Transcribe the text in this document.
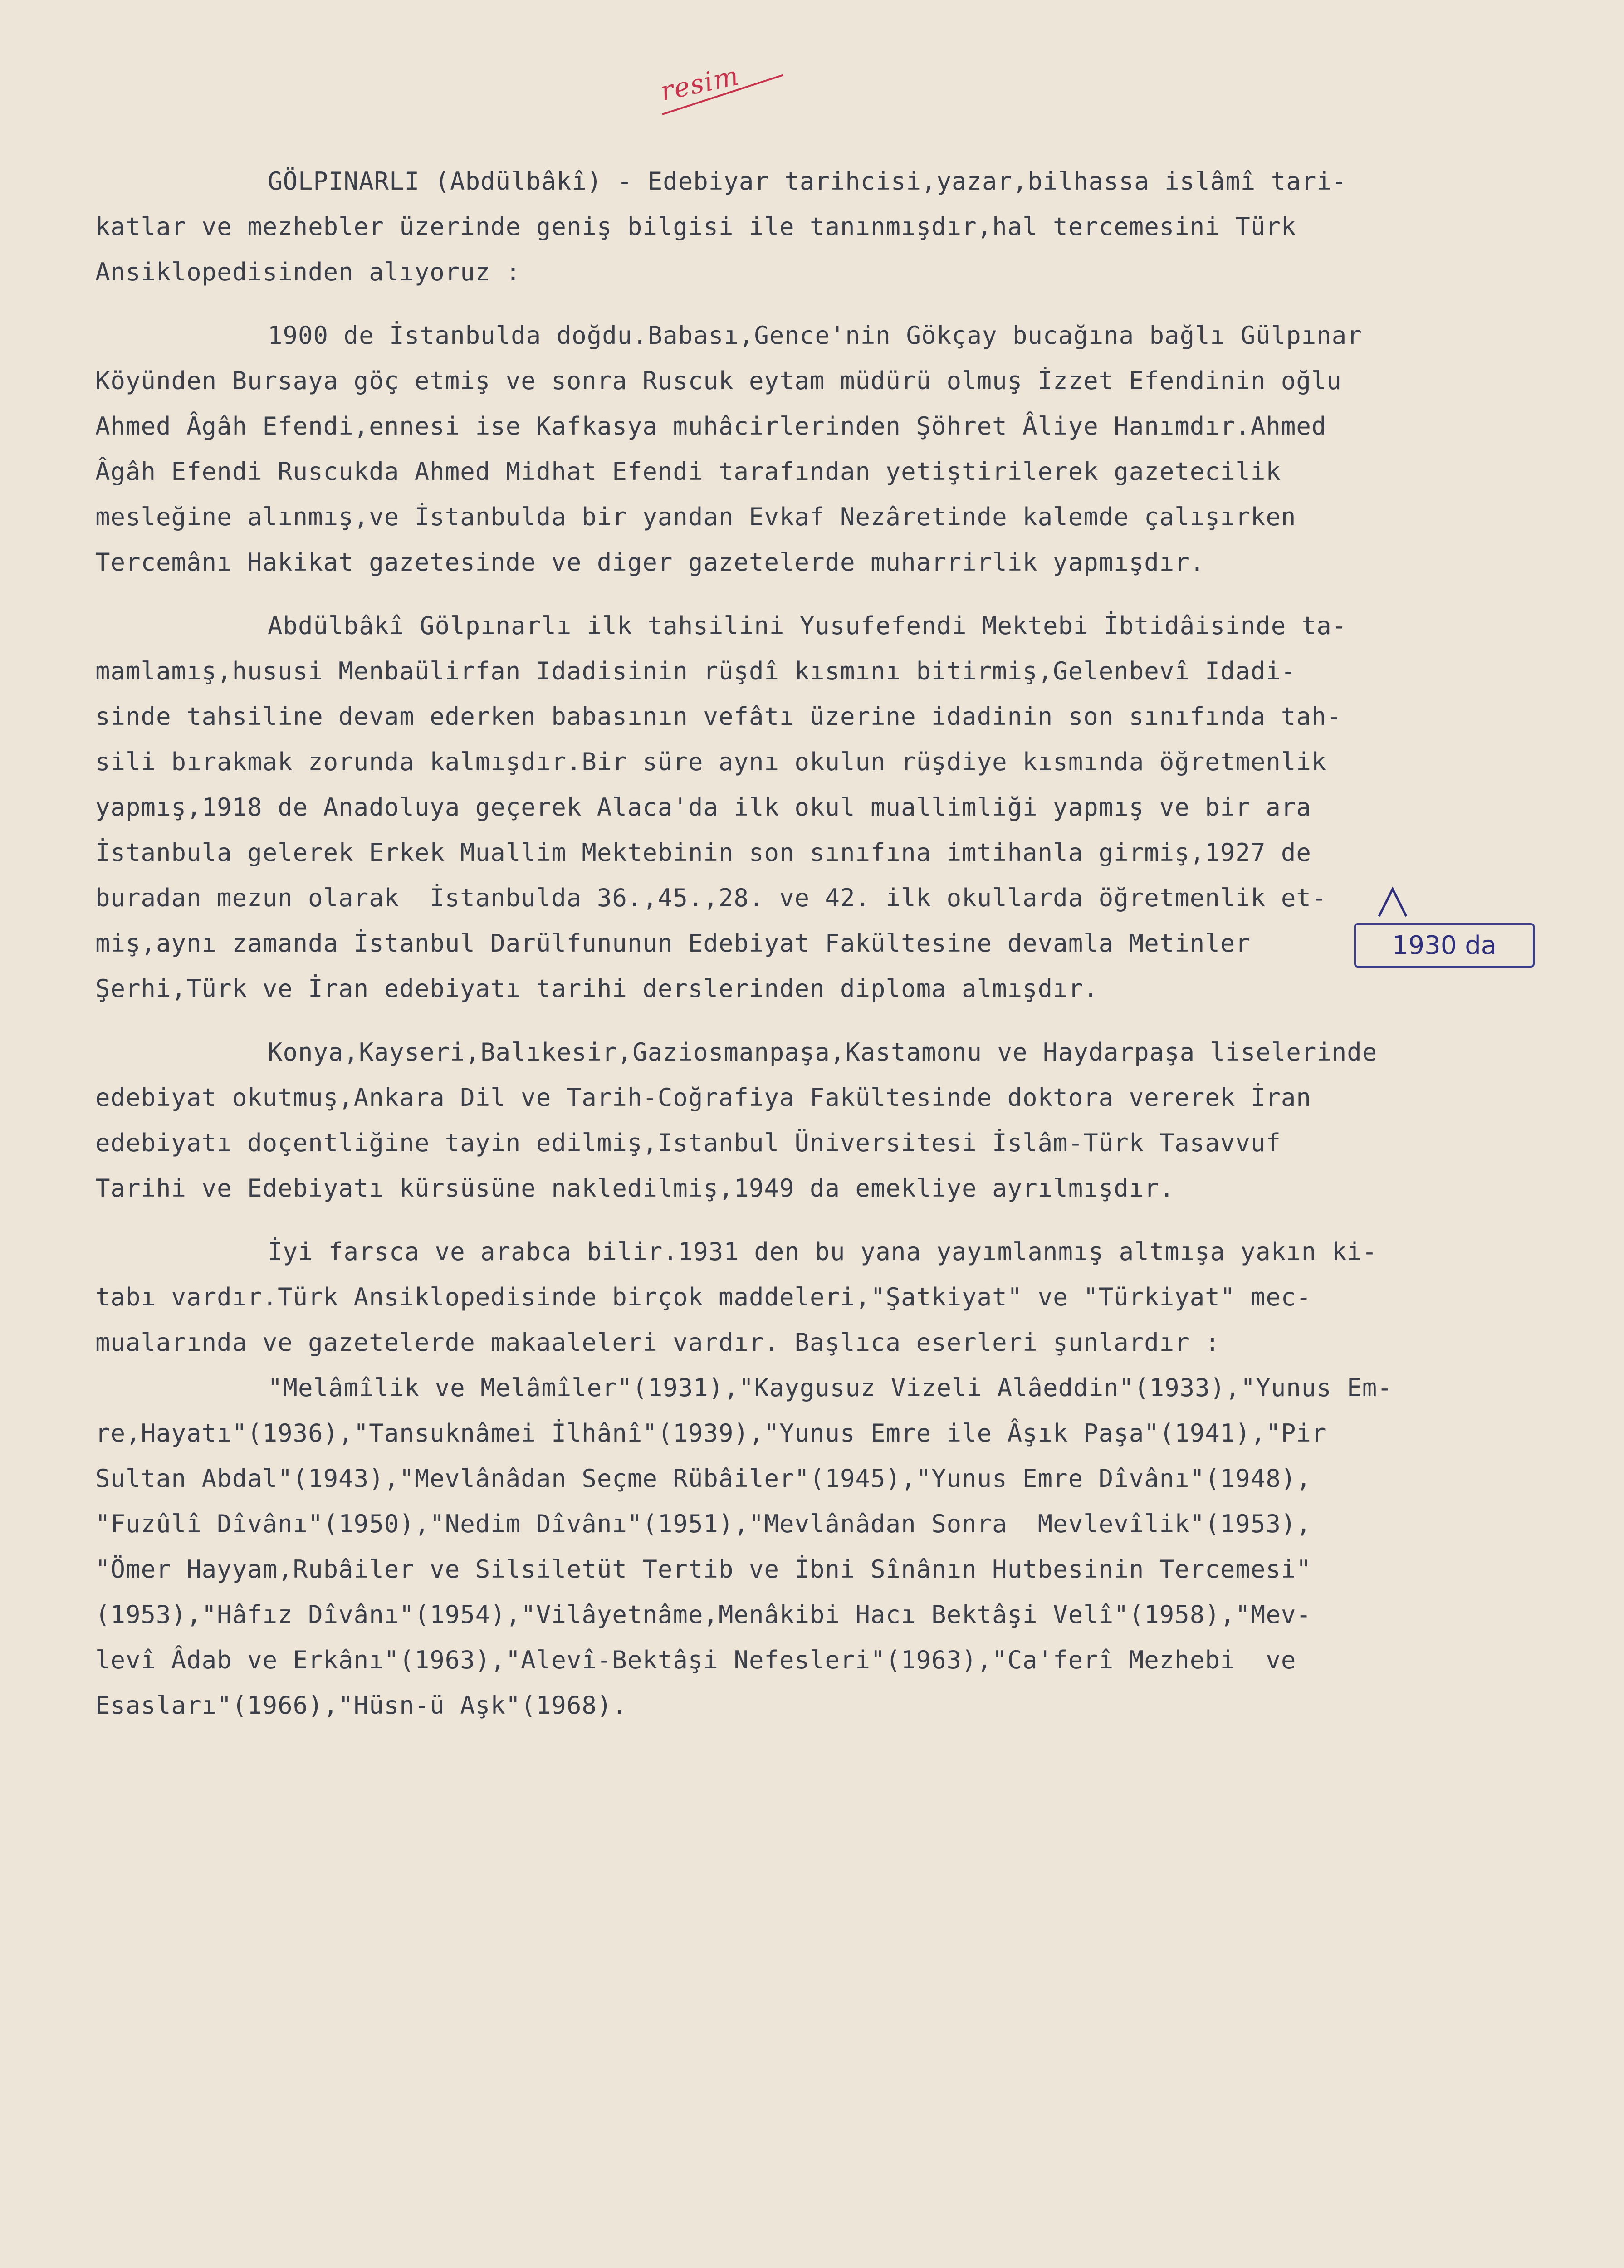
resim
GÖLPINARLI (Abdülbâkî) - Edebiyar tarihcisi,yazar,bilhassa islâmî tari-
katlar ve mezhebler üzerinde geniş bilgisi ile tanınmışdır,hal tercemesini Türk
Ansiklopedisinden alıyoruz :
1900 de İstanbulda doğdu.Babası,Gence'nin Gökçay bucağına bağlı Gülpınar
Köyünden Bursaya göç etmiş ve sonra Ruscuk eytam müdürü olmuş İzzet Efendinin oğlu
Ahmed Âgâh Efendi,ennesi ise Kafkasya muhâcirlerinden Şöhret Âliye Hanımdır.Ahmed
Âgâh Efendi Ruscukda Ahmed Midhat Efendi tarafından yetiştirilerek gazetecilik
mesleğine alınmış,ve İstanbulda bir yandan Evkaf Nezâretinde kalemde çalışırken
Tercemânı Hakikat gazetesinde ve diger gazetelerde muharrirlik yapmışdır.
Abdülbâkî Gölpınarlı ilk tahsilini Yusufefendi Mektebi İbtidâisinde ta-
mamlamış,hususi Menbaülirfan Idadisinin rüşdî kısmını bitirmiş,Gelenbevî Idadi-
sinde tahsiline devam ederken babasının vefâtı üzerine idadinin son sınıfında tah-
sili bırakmak zorunda kalmışdır.Bir süre aynı okulun rüşdiye kısmında öğretmenlik
yapmış,1918 de Anadoluya geçerek Alaca'da ilk okul muallimliği yapmış ve bir ara
İstanbula gelerek Erkek Muallim Mektebinin son sınıfına imtihanla girmiş,1927 de
buradan mezun olarak  İstanbulda 36.,45.,28. ve 42. ilk okullarda öğretmenlik et-
miş,aynı zamanda İstanbul Darülfununun Edebiyat Fakültesine devamla Metinler
Şerhi,Türk ve İran edebiyatı tarihi derslerinden diploma almışdır.
Konya,Kayseri,Balıkesir,Gaziosmanpaşa,Kastamonu ve Haydarpaşa liselerinde
edebiyat okutmuş,Ankara Dil ve Tarih-Coğrafiya Fakültesinde doktora vererek İran
edebiyatı doçentliğine tayin edilmiş,Istanbul Üniversitesi İslâm-Türk Tasavvuf
Tarihi ve Edebiyatı kürsüsüne nakledilmiş,1949 da emekliye ayrılmışdır.
İyi farsca ve arabca bilir.1931 den bu yana yayımlanmış altmışa yakın ki-
tabı vardır.Türk Ansiklopedisinde birçok maddeleri,"Şatkiyat" ve "Türkiyat" mec-
mualarında ve gazetelerde makaaleleri vardır. Başlıca eserleri şunlardır :
"Melâmîlik ve Melâmîler"(1931),"Kaygusuz Vizeli Alâeddin"(1933),"Yunus Em-
re,Hayatı"(1936),"Tansuknâmei İlhânî"(1939),"Yunus Emre ile Âşık Paşa"(1941),"Pir
Sultan Abdal"(1943),"Mevlânâdan Seçme Rübâiler"(1945),"Yunus Emre Dîvânı"(1948),
"Fuzûlî Dîvânı"(1950),"Nedim Dîvânı"(1951),"Mevlânâdan Sonra  Mevlevîlik"(1953),
"Ömer Hayyam,Rubâiler ve Silsiletüt Tertib ve İbni Sînânın Hutbesinin Tercemesi"
(1953),"Hâfız Dîvânı"(1954),"Vilâyetnâme,Menâkibi Hacı Bektâşi Velî"(1958),"Mev-
levî Âdab ve Erkânı"(1963),"Alevî-Bektâşi Nefesleri"(1963),"Ca'ferî Mezhebi  ve
Esasları"(1966),"Hüsn-ü Aşk"(1968).
1930 da
